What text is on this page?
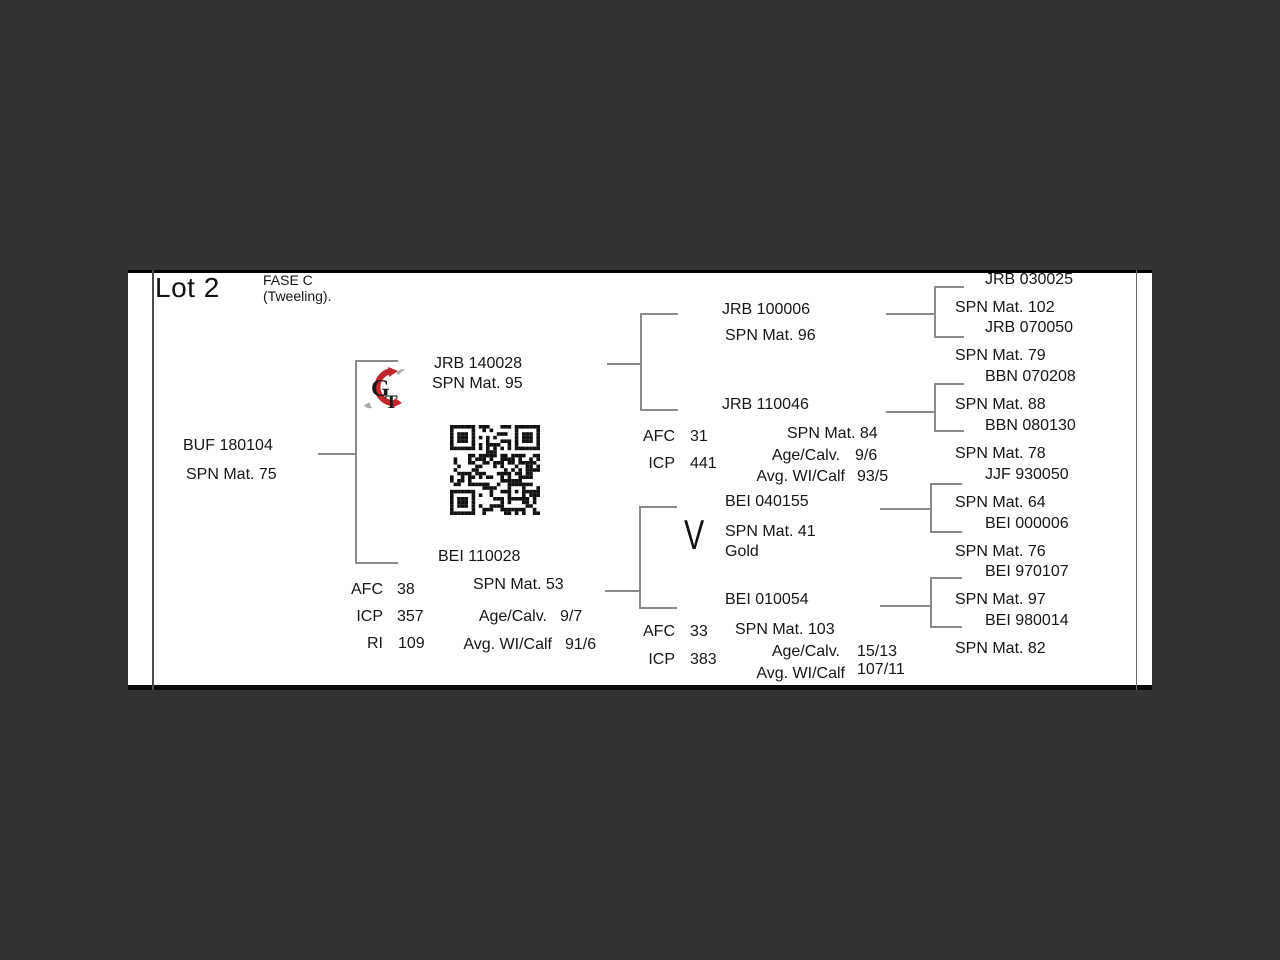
Lot 2	FASE C
(Tweeling).
BUF 180104
SPN Mat. 75
G
T
JRB 140028
SPN Mat. 95
BEI 110028
SPN Mat. 53
AFC 38
ICP 357
RI 109
Age/Calv. 9/7
Avg. WI/Calf 91/6
JRB 100006
SPN Mat. 96
JRB 110046
AFC 31
ICP 441
SPN Mat. 84
Age/Calv. 9/6
Avg. WI/Calf 93/5
V
BEI 040155
SPN Mat. 41
Gold
BEI 010054
AFC 33
ICP 383
SPN Mat. 103
Age/Calv. 15/13
Avg. WI/Calf 107/11
JRB 030025
SPN Mat. 102
JRB 070050
SPN Mat. 79
BBN 070208
SPN Mat. 88
BBN 080130
SPN Mat. 78
JJF 930050
SPN Mat. 64
BEI 000006
SPN Mat. 76
BEI 970107
SPN Mat. 97
BEI 980014
SPN Mat. 82
